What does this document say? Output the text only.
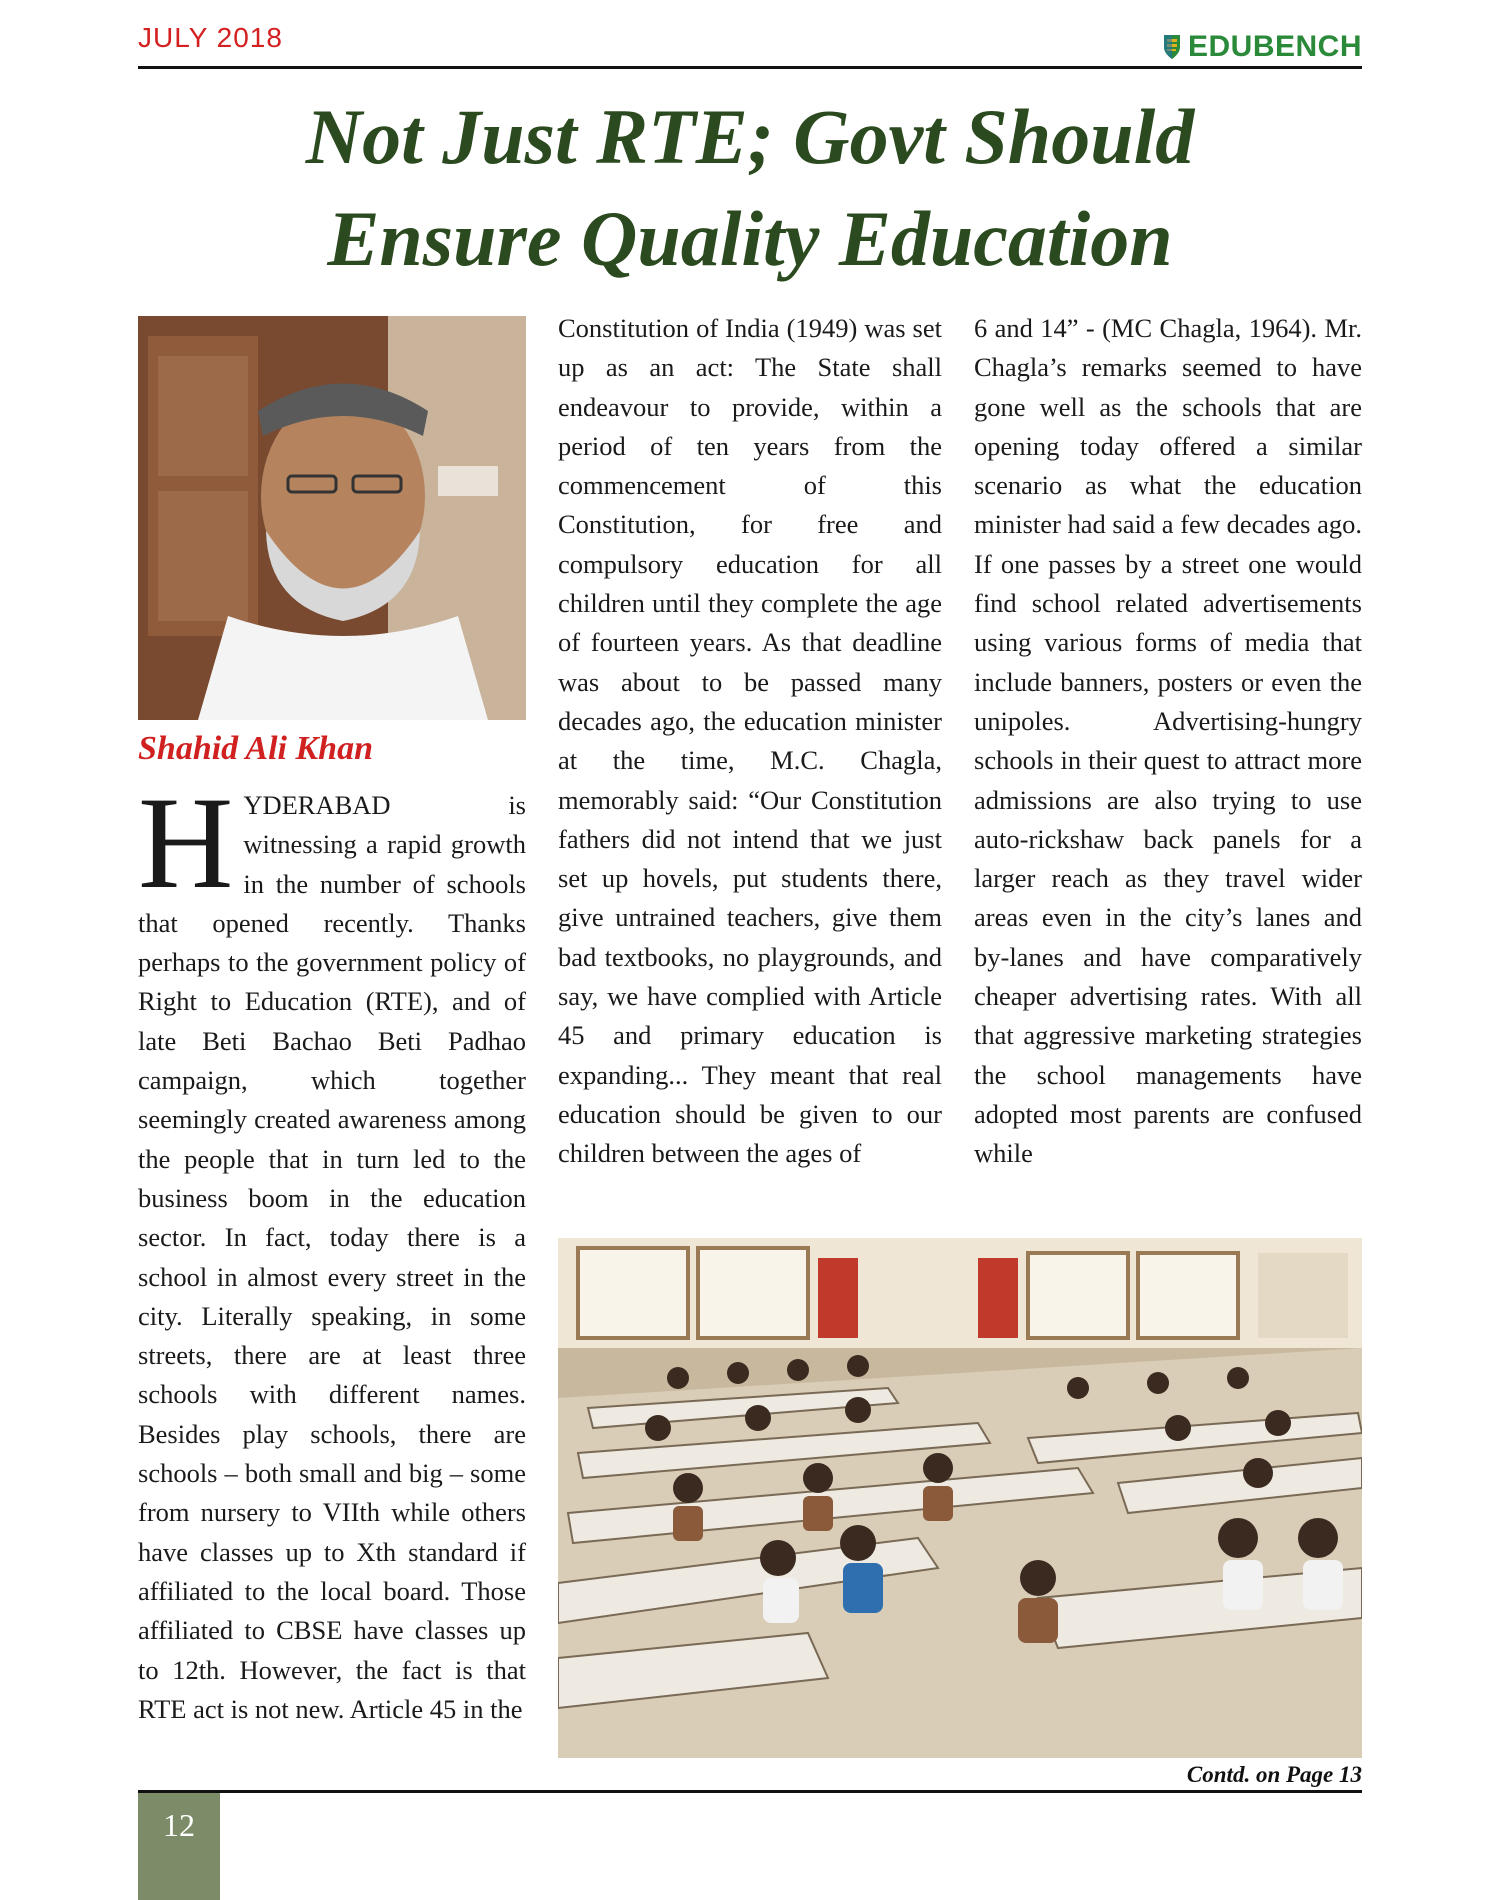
JULY 2018	EDUBENCH
Not Just RTE; Govt Should
Ensure Quality Education

Shahid Ali Khan

HYDERABAD is witnessing a rapid growth in the number of schools that opened recently. Thanks perhaps to the government policy of Right to Education (RTE), and of late Beti Bachao Beti Padhao campaign, which together seemingly created awareness among the people that in turn led to the business boom in the education sector. In fact, today there is a school in almost every street in the city. Literally speaking, in some streets, there are at least three schools with different names. Besides play schools, there are schools – both small and big – some from nursery to VIIth while others have classes up to Xth standard if affiliated to the local board. Those affiliated to CBSE have classes up to 12th. However, the fact is that RTE act is not new. Article 45 in the

Constitution of India (1949) was set up as an act: The State shall endeavour to provide, within a period of ten years from the commencement of this Constitution, for free and compulsory education for all children until they complete the age of fourteen years. As that deadline was about to be passed many decades ago, the education minister at the time, M.C. Chagla, memorably said: “Our Constitution fathers did not intend that we just set up hovels, put students there, give untrained teachers, give them bad textbooks, no playgrounds, and say, we have complied with Article 45 and primary education is expanding... They meant that real education should be given to our children between the ages of

6 and 14” - (MC Chagla, 1964). Mr. Chagla’s remarks seemed to have gone well as the schools that are opening today offered a similar scenario as what the education minister had said a few decades ago. If one passes by a street one would find school related advertisements using various forms of media that include banners, posters or even the unipoles. Advertising-hungry schools in their quest to attract more admissions are also trying to use auto-rickshaw back panels for a larger reach as they travel wider areas even in the city’s lanes and by-lanes and have comparatively cheaper advertising rates. With all that aggressive marketing strategies the school managements have adopted most parents are confused while

Contd. on Page 13

12
